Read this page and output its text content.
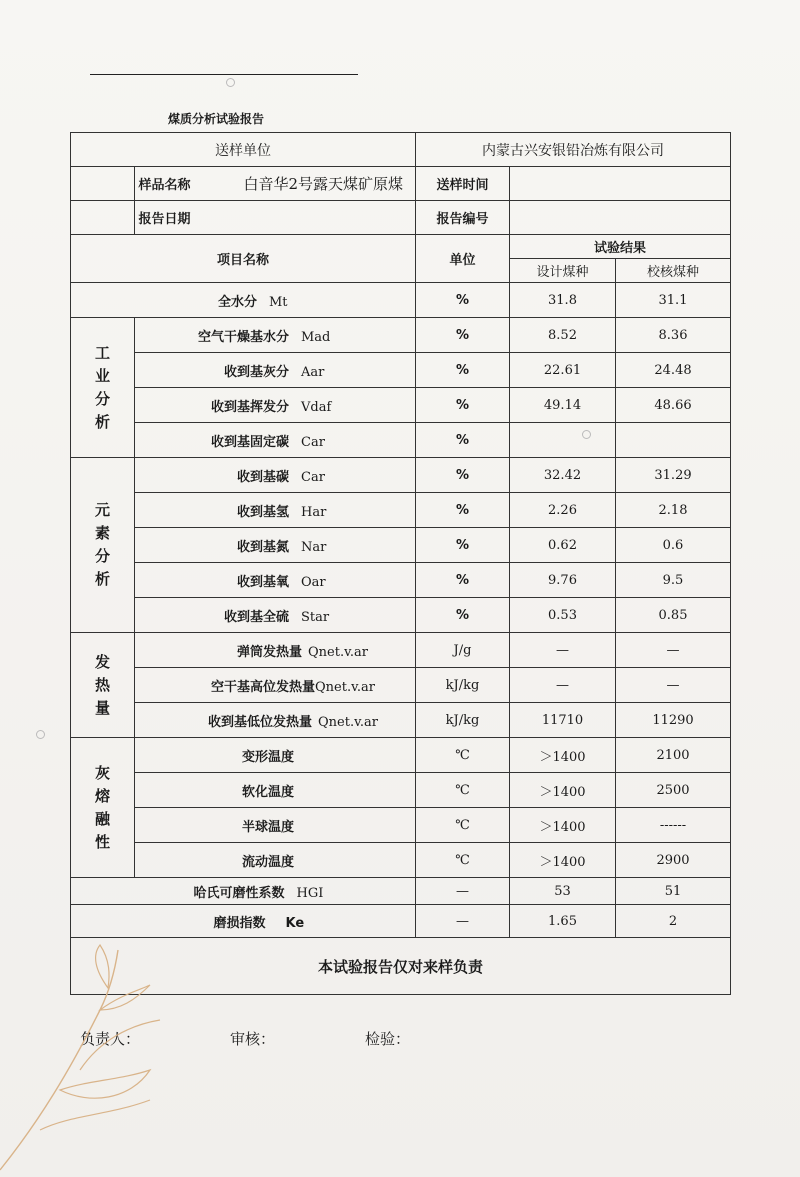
煤质分析试验报告
送样单位		内蒙古兴安银铅冶炼有限公司		
样品名称	白音华2号露天煤矿原煤	送样时间		
报告日期		报告编号		
项目名称		单位	试验结果	
			设计煤种	校核煤种
全水分 Mt		%	31.8	31.1

工
业
分
析	空气干燥基水分 Mad	%	8.52	8.36
	收到基灰分 Aar	%	22.61	24.48
	收到基挥发分 Vdaf	%	49.14	48.66
	收到基固定碳 Car	%		

元
素
分
析	收到基碳 Car	%	32.42	31.29
	收到基氢 Har	%	2.26	2.18
	收到基氮 Nar	%	0.62	0.6
	收到基氧 Oar	%	9.76	9.5
	收到基全硫 Star	%	0.53	0.85

发
热
量	弹筒发热量 Qnet.v.ar	J/g	—	—
	空干基高位发热量Qnet.v.ar	kJ/kg	—	—
	收到基低位发热量 Qnet.v.ar	kJ/kg	11710	11290

灰
熔
融
性	变形温度	℃	＞1400	2100
	软化温度	℃	＞1400	2500
	半球温度	℃	＞1400	------
	流动温度	℃	＞1400	2900
哈氏可磨性系数 HGI		—	53	51
磨损指数 Ke		—	1.65	2
本试验报告仅对来样负责				
负责人：	审核：	检验：
